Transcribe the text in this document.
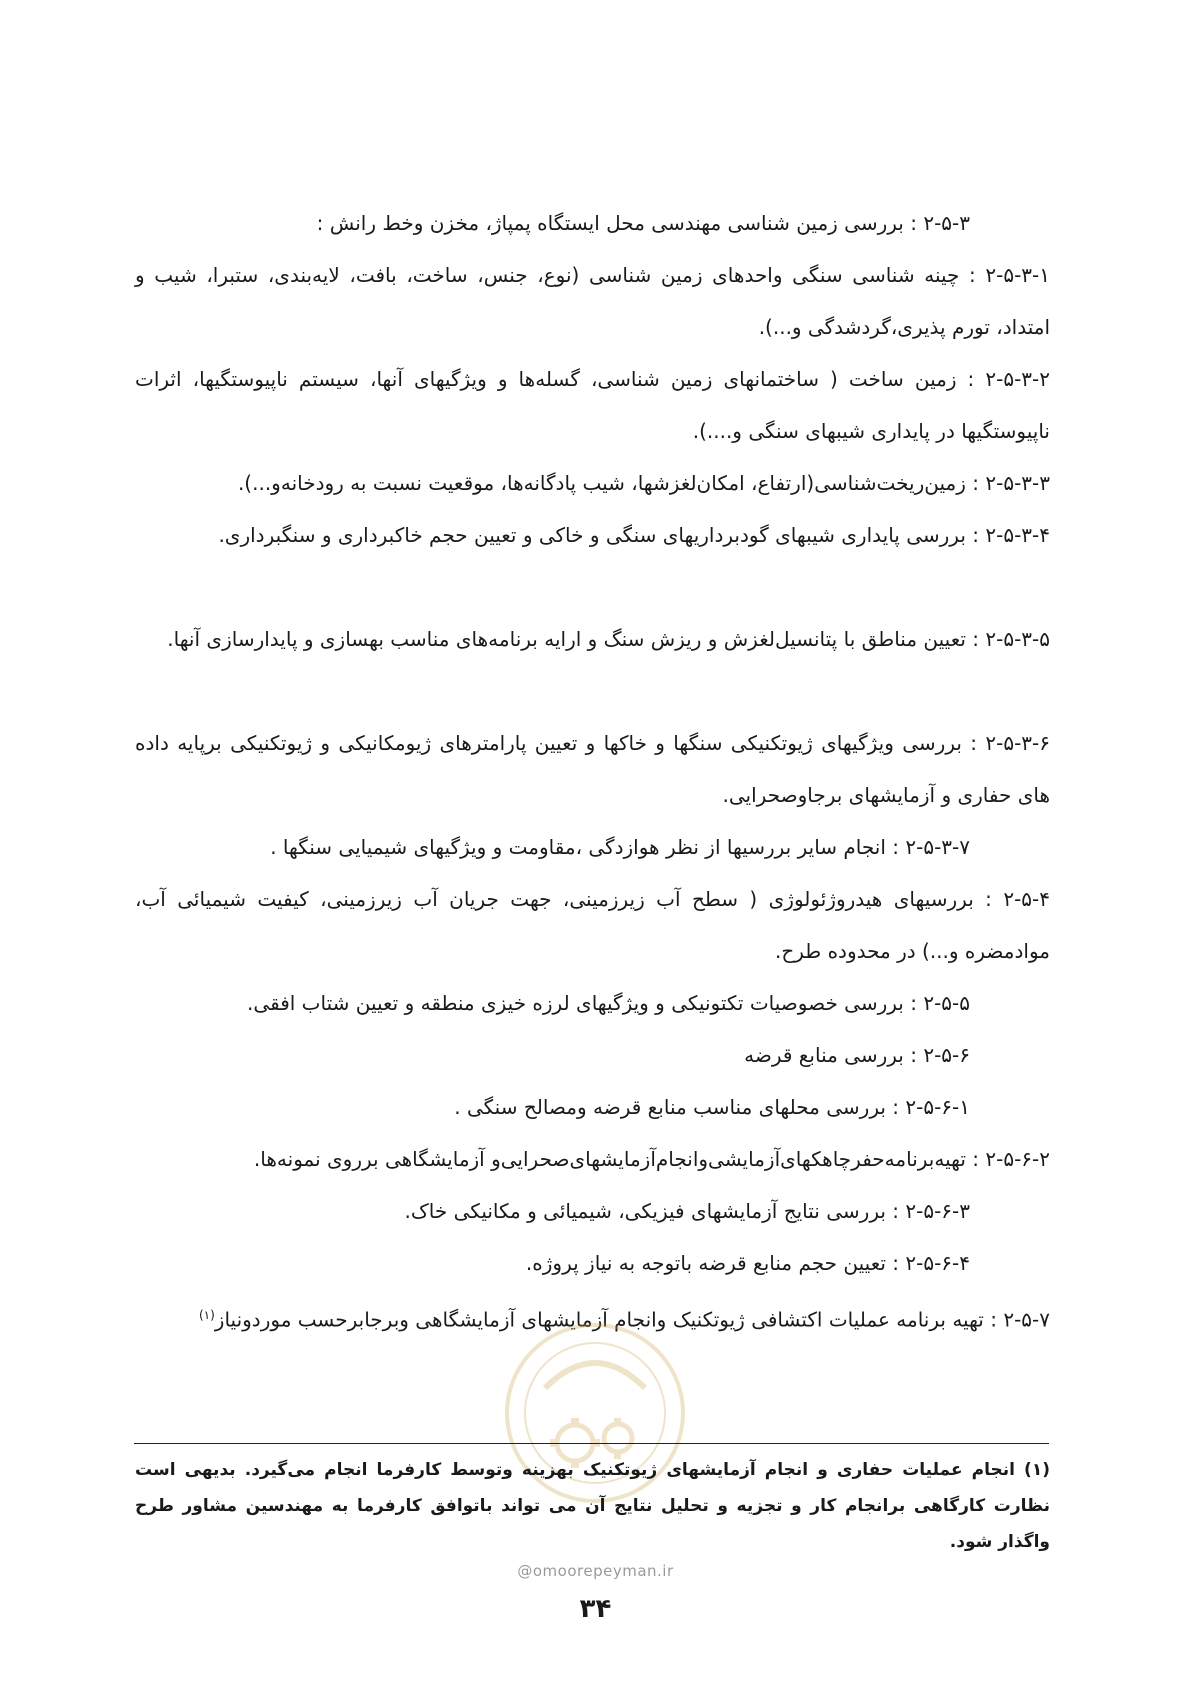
۲-۵-۳ : بررسی زمین شناسی مهندسی محل ایستگاه پمپاژ، مخزن وخط رانش :
۲-۵-۳-۱ : چینه شناسی سنگی واحدهای زمین شناسی (نوع، جنس، ساخت، بافت، لایه‌بندی، ستبرا، شیب و امتداد، تورم پذیری،گردشدگی و...).
۲-۵-۳-۲ : زمین ساخت ( ساختمانهای زمین شناسی، گسله‌ها و ویژگیهای آنها، سیستم ناپیوستگیها، اثرات ناپیوستگیها در پایداری شیبهای سنگی و....).
۲-۵-۳-۳ : زمین‌ریخت‌شناسی(ارتفاع، امکان‌لغزشها، شیب پادگانه‌ها، موقعیت نسبت به رودخانه‌و...).
۲-۵-۳-۴ : بررسی پایداری شیبهای گودبرداریهای سنگی و خاکی و تعیین حجم خاکبرداری و سنگبرداری.
۲-۵-۳-۵ : تعیین مناطق با پتانسیل‌لغزش و ریزش سنگ و ارایه برنامه‌های مناسب بهسازی و پایدارسازی آنها.
۲-۵-۳-۶ : بررسی ویژگیهای ژیوتکنیکی سنگها و خاکها و تعیین پارامترهای ژیومکانیکی و ژیوتکنیکی برپایه داده های حفاری و آزمایشهای برجاوصحرایی.
۲-۵-۳-۷ : انجام سایر بررسیها از نظر هوازدگی ،مقاومت و ویژگیهای شیمیایی سنگها .
۲-۵-۴ : بررسیهای هیدروژئولوژی ( سطح آب زیرزمینی، جهت جریان آب زیرزمینی، کیفیت شیمیائی آب، موادمضره و...) در محدوده طرح.
۲-۵-۵ : بررسی خصوصیات تکتونیکی و ویژگیهای لرزه خیزی منطقه و تعیین شتاب افقی.
۲-۵-۶ : بررسی منابع قرضه
۲-۵-۶-۱ : بررسی محلهای مناسب منابع قرضه ومصالح سنگی .
۲-۵-۶-۲ : تهیه‌برنامه‌حفرچاهکهای‌آزمایشی‌وانجام‌آزمایشهای‌صحرایی‌و آزمایشگاهی برروی نمونه‌ها.
۲-۵-۶-۳ : بررسی نتایج آزمایشهای فیزیکی، شیمیائی و مکانیکی خاک.
۲-۵-۶-۴ : تعیین حجم منابع قرضه باتوجه به نیاز پروژه.
۲-۵-۷ : تهیه برنامه عملیات اکتشافی ژیوتکنیک وانجام آزمایشهای آزمایشگاهی وبرجابرحسب موردونیاز$^{(۱)}$
(۱) انجام عملیات حفاری و انجام آزمایشهای ژیوتکنیک بهزینه وتوسط کارفرما انجام می‌گیرد. بدیهی است نظارت کارگاهی برانجام کار و تجزیه و تحلیل نتایج آن می تواند باتوافق کارفرما به مهندسین مشاور طرح واگذار شود.
@omoorepeyman.ir
۳۴
